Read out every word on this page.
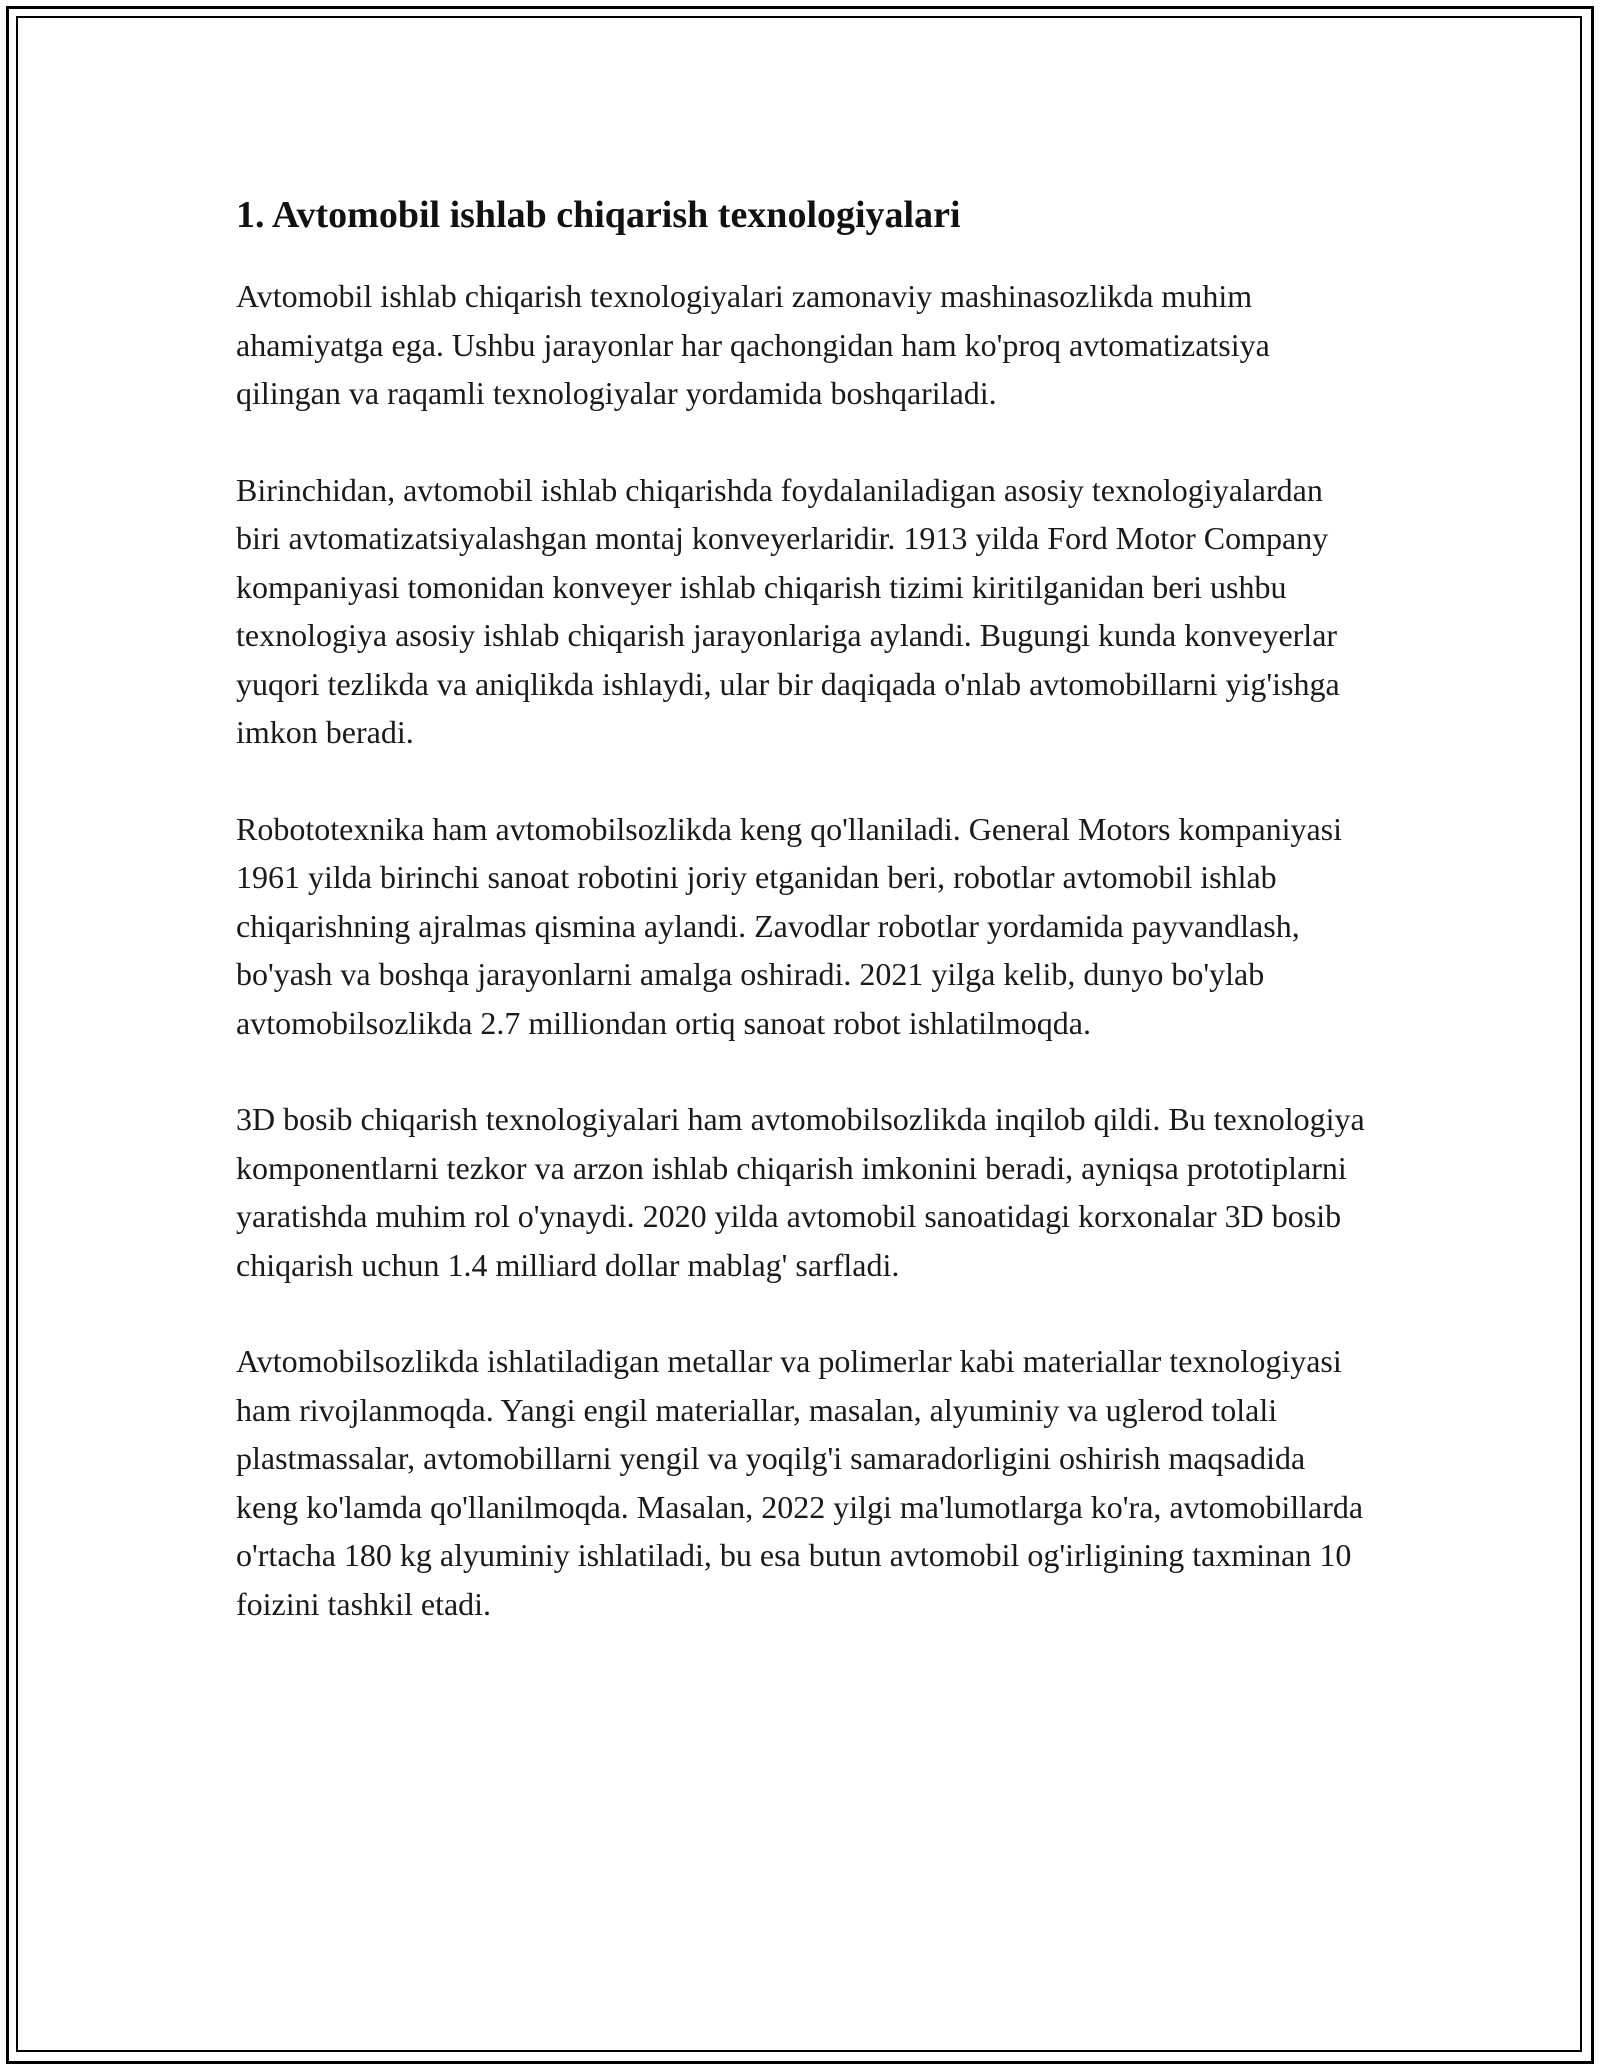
1. Avtomobil ishlab chiqarish texnologiyalari

Avtomobil ishlab chiqarish texnologiyalari zamonaviy mashinasozlikda muhim ahamiyatga ega. Ushbu jarayonlar har qachongidan ham ko'proq avtomatizatsiya qilingan va raqamli texnologiyalar yordamida boshqariladi.

Birinchidan, avtomobil ishlab chiqarishda foydalaniladigan asosiy texnologiyalardan biri avtomatizatsiyalashgan montaj konveyerlaridir. 1913 yilda Ford Motor Company kompaniyasi tomonidan konveyer ishlab chiqarish tizimi kiritilganidan beri ushbu texnologiya asosiy ishlab chiqarish jarayonlariga aylandi. Bugungi kunda konveyerlar yuqori tezlikda va aniqlikda ishlaydi, ular bir daqiqada o'nlab avtomobillarni yig'ishga imkon beradi.

Robototexnika ham avtomobilsozlikda keng qo'llaniladi. General Motors kompaniyasi 1961 yilda birinchi sanoat robotini joriy etganidan beri, robotlar avtomobil ishlab chiqarishning ajralmas qismina aylandi. Zavodlar robotlar yordamida payvandlash, bo'yash va boshqa jarayonlarni amalga oshiradi. 2021 yilga kelib, dunyo bo'ylab avtomobilsozlikda 2.7 milliondan ortiq sanoat robot ishlatilmoqda.

3D bosib chiqarish texnologiyalari ham avtomobilsozlikda inqilob qildi. Bu texnologiya komponentlarni tezkor va arzon ishlab chiqarish imkonini beradi, ayniqsa prototiplarni yaratishda muhim rol o'ynaydi. 2020 yilda avtomobil sanoatidagi korxonalar 3D bosib chiqarish uchun 1.4 milliard dollar mablag' sarfladi.

Avtomobilsozlikda ishlatiladigan metallar va polimerlar kabi materiallar texnologiyasi ham rivojlanmoqda. Yangi engil materiallar, masalan, alyuminiy va uglerod tolali plastmassalar, avtomobillarni yengil va yoqilg'i samaradorligini oshirish maqsadida keng ko'lamda qo'llanilmoqda. Masalan, 2022 yilgi ma'lumotlarga ko'ra, avtomobillarda o'rtacha 180 kg alyuminiy ishlatiladi, bu esa butun avtomobil og'irligining taxminan 10 foizini tashkil etadi.
